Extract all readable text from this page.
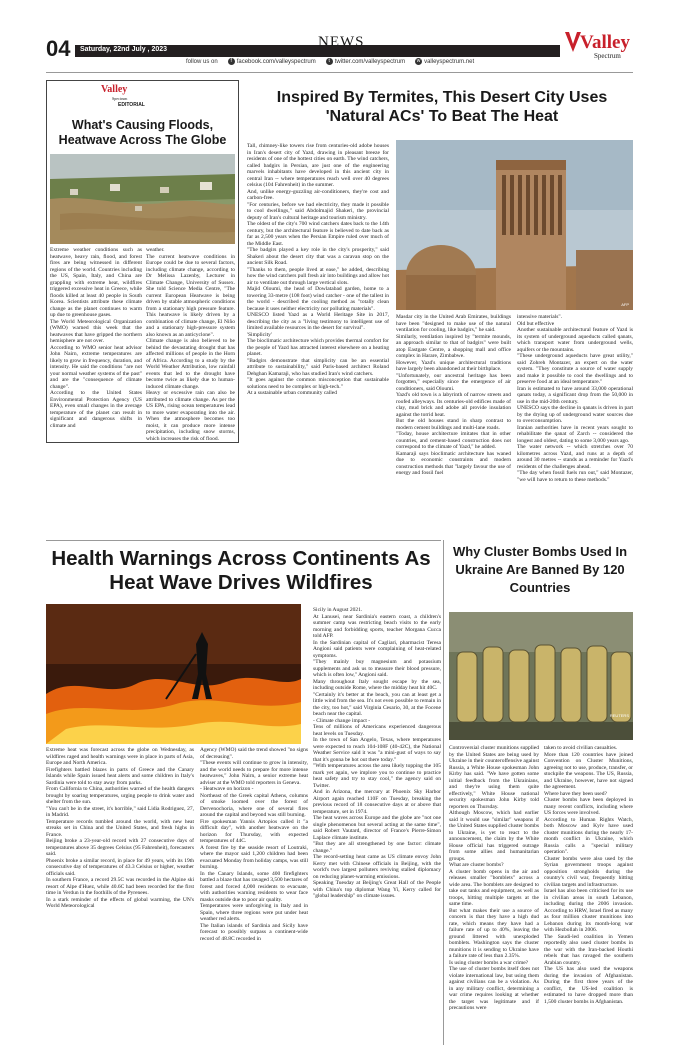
04 Saturday, 22nd July , 2023	NEWS	Valley
Spectrum
follow us on	f facebook.com/valleyspectrum	t twitter.com/valleyspectrum	w valleyspectrum.net
Valley
Spectrum
EDITORIAL
What's Causing Floods, Heatwave Across The Globe
Extreme weather conditions such as heatwave, heavy rain, flood, and forest fires are being witnessed in different regions of the world. Countries including the US, Spain, Italy, and China are grappling with extreme heat, wildfires triggered excessive heat in Greece, while floods killed at least 40 people in South Korea. Scientists attribute these climate change as the planet continues to warm up due to greenhouse gases.
The World Meteorological Organization (WMO) warned this week that the heatwaves that have gripped the northern hemisphere are not over.
According to WMO senior heat advisor John Nairn, extreme temperatures are likely to grow in frequency, duration, and intensity. He said the conditions "are not your normal weather systems of the past" and are the "consequence of climate change".
According to the United States Environmental Protection Agency (US EPA), even small changes in the average temperature of the planet can result in significant and dangerous shifts in climate and
weather.
The current heatwave conditions in Europe could be due to several factors, including climate change, according to Dr Melissa Lazenby, Lecturer in Climate Change, University of Sussex. She told Science Media Centre, "The current European Heatwave is being driven by stable atmospheric conditions from a stationary high pressure feature. This heatwave is likely driven by a combination of climate change, El Niño and a stationary high-pressure system also known as an anticyclone".
Climate change is also believed to be behind the devastating drought that has affected millions of people in the Horn of Africa. According to a study by the World Weather Attribution, low rainfall events that led to the drought have become twice as likely due to human-induced climate change.
Heavy or excessive rain can also be attributed to climate change. As per the US EPA, rising ocean temperatures lead to more water evaporating into the air. When the atmosphere becomes too moist, it can produce more intense precipitation, including snow storms, which increases the risk of flood.
Inspired By Termites, This Desert City Uses 'Natural ACs' To Beat The Heat
Tall, chimney-like towers rise from centuries-old adobe houses in Iran's desert city of Yazd, drawing in pleasant breeze for residents of one of the hottest cities on earth. The wind catchers, called badgirs in Persian, are just one of the engineering marvels inhabitants have developed in this ancient city in central Iran -- where temperatures reach well over 40 degrees celsius (104 Fahrenheit) in the summer.
And, unlike energy-guzzling air-conditioners, they're cost and carbon-free.
"For centuries, before we had electricity, they made it possible to cool dwellings," said Abdolmajid Shakeri, the provincial deputy of Iran's cultural heritage and tourism ministry.
The oldest of the city's 700 wind catchers dates back to the 14th century, but the architectural feature is believed to date back as far as 2,500 years when the Persian Empire ruled over much of the Middle East.
"The badgirs played a key role in the city's prosperity," said Shakeri about the desert city that was a caravan stop on the ancient Silk Road.
"Thanks to them, people lived at ease," he added, describing how the wind catchers pull fresh air into buildings and allow hot air to ventilate out through large vertical slots.
Majid Oloumi, the head of Dowlatabad garden, home to a towering 33-metre (108 foot) wind catcher - one of the tallest in the world - described the cooling method as "totally clean because it uses neither electricity nor polluting materials".
UNESCO listed Yazd as a World Heritage Site in 2017, describing the city as a "living testimony to intelligent use of limited available resources in the desert for survival".
'Simplicity'
The bioclimatic architecture which provides thermal comfort for the people of Yazd has attracted interest elsewhere on a heating planet.
"Badgirs demonstrate that simplicity can be an essential attribute to sustainability," said Paris-based architect Roland Dehghan Kamaraji, who has studied Iran's wind catchers.
"It goes against the common misconception that sustainable solutions need to be complex or high-tech."
At a sustainable urban community called
AFP
Masdar city in the United Arab Emirates, buildings have been "designed to make use of the natural ventilation for cooling, like badgirs," he said.
Similarly, ventilation inspired by "termite mounds, an approach similar to that of badgirs" were built atop Eastgate Centre, a shopping mall and office complex in Harare, Zimbabwe.
However, Yazd's unique architectural traditions have largely been abandoned at their birthplace.
"Unfortunately, our ancestral heritage has been forgotten," especially since the emergence of air conditioners, said Oloumi.
Yazd's old town is a labyrinth of narrow streets and roofed alleyways. Its centuries-old edifices made of clay, mud brick and adobe all provide insulation against the torrid heat.
But the old houses stand in sharp contrast to modern cement buildings and multi-lane roads.
"Today, house architecture imitates that in other countries, and cement-based construction does not correspond to the climate of Yazd," he added.
Kamaraji says bioclimatic architecture has waned due to economic constraints and modern construction methods that "largely favour the use of energy and fossil fuel
intensive materials".
Old but effective
Another sustainable architectural feature of Yazd is its system of underground aqueducts called qanats, which transport water from underground wells, aquifers or the mountains.
"These underground aqueducts have great utility," said Zohreh Montazer, an expert on the water system. "They constitute a source of water supply and make it possible to cool the dwellings and to preserve food at an ideal temperature."
Iran is estimated to have around 33,000 operational qanats today, a significant drop from the 50,000 in use in the mid-20th century.
UNESCO says the decline in qanats is driven in part by the drying up of underground water sources due to overconsumption.
Iranian authorities have in recent years sought to rehabilitate the qanat of Zarch -- considered the longest and oldest, dating to some 3,000 years ago.
The water network -- which stretches over 70 kilometres across Yazd, and runs at a depth of around 30 metres -- stands as a reminder for Yazd's residents of the challenges ahead.
"The day when fossil fuels run out," said Montazer, "we will have to return to these methods."
Health Warnings Across Continents As Heat Wave Drives Wildfires
Extreme heat was forecast across the globe on Wednesday, as wildfires raged and health warnings were in place in parts of Asia, Europe and North America.
Firefighters battled blazes in parts of Greece and the Canary Islands while Spain issued heat alerts and some children in Italy's Sardinia were told to stay away from parks.
From California to China, authorities warned of the health dangers brought by soaring temperatures, urging people to drink water and shelter from the sun.
"You can't be in the street, it's horrible," said Lidia Rodriguez, 27, in Madrid.
Temperature records tumbled around the world, with new heat streaks set in China and the United States, and fresh highs in France.
Beijing broke a 23-year-old record with 27 consecutive days of temperatures above 35 degrees Celsius (95 Fahrenheit), forecasters said.
Phoenix broke a similar record, in place for 49 years, with its 19th consecutive day of temperatures of 43.3 Celsius or higher, weather officials said.
In southern France, a record 29.5C was recorded in the Alpine ski resort of Alpe d'Huez, while 40.6C had been recorded for the first time in Verdun in the foothills of the Pyrenees.
In a stark reminder of the effects of global warming, the UN's World Meteorological
Agency (WMO) said the trend showed "no signs of decreasing".
"These events will continue to grow in intensity, and the world needs to prepare for more intense heatwaves," John Nairn, a senior extreme heat adviser at the WMO told reporters in Geneva.
- Heatwave on horizon -
Northeast of the Greek capital Athens, columns of smoke loomed over the forest of Dervenochoria, where one of several fires around the capital and beyond was still burning.
Fire spokesman Yannis Artopios called it "a difficult day", with another heatwave on the horizon for Thursday, with expected temperatures of 44C.
A forest fire by the seaside resort of Loutraki, where the mayor said 1,200 children had been evacuated Monday from holiday camps, was still burning.
In the Canary Islands, some 400 firefighters battled a blaze that has ravaged 3,500 hectares of forest and forced 4,000 residents to evacuate, with authorities warning residents to wear face masks outside due to poor air quality.
Temperatures were unforgiving in Italy and in Spain, where three regions were put under heat weather red alerts.
The Italian islands of Sardinia and Sicily have forecast to possibly surpass a continent-wide record of 48.8C recorded in
Sicily in August 2021.
At Lanusei, near Sardinia's eastern coast, a children's summer camp was restricting beach visits to the early morning and forbidding sports, teacher Morgana Cucca told AFP.
In the Sardinian capital of Cagliari, pharmacist Teresa Angioni said patients were complaining of heat-related symptoms.
"They mainly buy magnesium and potassium supplements and ask us to measure their blood pressure, which is often low," Angioni said.
Many throughout Italy sought escape by the sea, including outside Rome, where the midday heat hit 40C.
"Certainly it's better at the beach, you can at least get a little wind from the sea. It's not even possible to remain in the city, too hot," said Virginia Cesario, 30, at the Focene beach near the capital.
- Climate change impact -
Tens of millions of Americans experienced dangerous heat levels on Tuesday.
In the town of San Angelo, Texas, where temperatures were expected to reach 104-108F (40-42C), the National Weather Service said it was "a mini-gust of ways to say that it's gonna be hot out there today."
"With temperatures across the area likely topping the 105 mark yet again, we implore you to continue to practice heat safety and try to stay cool," the agency said on Twitter.
And in Arizona, the mercury at Phoenix Sky Harbor Airport again reached 110F on Tuesday, breaking the previous record of 18 consecutive days at or above that temperature, set in 1974.
The heat waves across Europe and the globe are "not one single phenomenon but several acting at the same time", said Robert Vautard, director of France's Pierre-Simon Laplace climate institute.
"But they are all strengthened by one factor: climate change."
The record-setting heat came as US climate envoy John Kerry met with Chinese officials in Beijing, with the world's two largest polluters reviving stalled diplomacy on reducing planet-warming emissions.
Speaking Tuesday at Beijing's Great Hall of the People with China's top diplomat Wang Yi, Kerry called for "global leadership" on climate issues.
Why Cluster Bombs Used In Ukraine Are Banned By 120 Countries
REUTERS
Controversial cluster munitions supplied by the United States are being used by Ukraine in their counteroffensive against Russia, a White House spokesman John Kirby has said. "We have gotten some initial feedback from the Ukrainians, and they're using them quite effectively," White House national security spokesman John Kirby told reporters on Thursday.
Although Moscow, which had earlier said it would use "similar" weapons if the United States supplied cluster bombs to Ukraine, is yet to react to the announcement, the claim by the White House official has triggered outrage from some allies and humanitarian groups.
What are cluster bombs?
A cluster bomb opens in the air and releases smaller "bomblets" across a wide area. The bomblets are designed to take out tanks and equipment, as well as troops, hitting multiple targets at the same time.
But what makes their use a source of concern is that they have a high dud rate, which means they have had a failure rate of up to 40%, leaving the ground littered with unexploded bomblets. Washington says the cluster munitions it is sending to Ukraine have a failure rate of less than 2.35%.
Is using cluster bombs a war crime?
The use of cluster bombs itself does not violate international law, but using them against civilians can be a violation. As in any military conflict, determining a war crime requires looking at whether the target was legitimate and if precautions were
taken to avoid civilian casualties.
More than 120 countries have joined Convention on Cluster Munitions, agreeing not to use, produce, transfer, or stockpile the weapons. The US, Russia, and Ukraine, however, have not signed the agreement.
Where have they been used?
Cluster bombs have been deployed in many recent conflicts, including where US forces were involved.
According to Human Rights Watch, both Moscow and Kyiv have used cluster munitions during the nearly 17-month conflict in Ukraine, which Russia calls a "special military operation".
Cluster bombs were also used by the Syrian government troops against opposition strongholds during the country's civil war, frequently hitting civilian targets and infrastructure.
Israel has also been criticised for its use in civilian areas in south Lebanon, including during the 2006 invasion. According to HRW, Israel fired as many as four million cluster munitions into Lebanon during its month-long war with Hezbollah in 2006.
The Saudi-led coalition in Yemen reportedly also used cluster bombs in the war with the Iran-backed Houthi rebels that has ravaged the southern Arabian country.
The US has also used the weapons during the invasion of Afghanistan. During the first three years of the conflict, the US-led coalition is estimated to have dropped more than 1,500 cluster bombs in Afghanistan.
